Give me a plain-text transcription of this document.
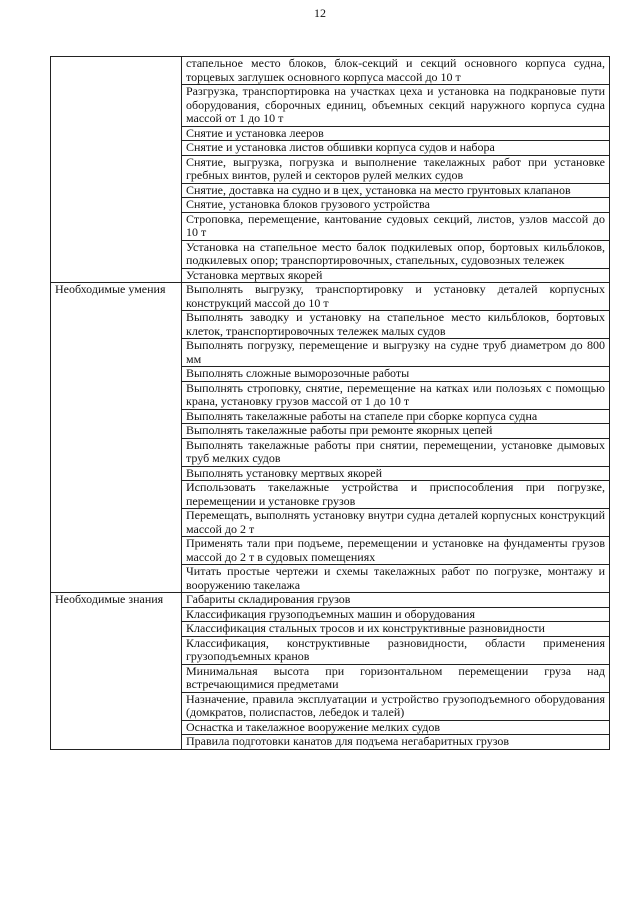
12
	стапельное место блоков, блок-секций и секций основного корпуса судна, торцевых заглушек основного корпуса массой до 10 т
	Разгрузка, транспортировка на участках цеха и установка на подкрановые пути оборудования, сборочных единиц, объемных секций наружного корпуса судна массой от 1 до 10 т
	Снятие и установка лееров
	Снятие и установка листов обшивки корпуса судов и набора
	Снятие, выгрузка, погрузка и выполнение такелажных работ при установке гребных винтов, рулей и секторов рулей мелких судов
	Снятие, доставка на судно и в цех, установка на место грунтовых клапанов
	Снятие, установка блоков грузового устройства
	Строповка, перемещение, кантование судовых секций, листов, узлов массой до 10 т
	Установка на стапельное место балок подкилевых опор, бортовых кильблоков, подкилевых опор; транспортировочных, стапельных, судовозных тележек
	Установка мертвых якорей
Необходимые умения	Выполнять выгрузку, транспортировку и установку деталей корпусных конструкций массой до 10 т
	Выполнять заводку и установку на стапельное место кильблоков, бортовых клеток, транспортировочных тележек малых судов
	Выполнять погрузку, перемещение и выгрузку на судне труб диаметром до 800 мм
	Выполнять сложные выморозочные работы
	Выполнять строповку, снятие, перемещение на катках или полозьях с помощью крана, установку грузов массой от 1 до 10 т
	Выполнять такелажные работы на стапеле при сборке корпуса судна
	Выполнять такелажные работы при ремонте якорных цепей
	Выполнять такелажные работы при снятии, перемещении, установке дымовых труб мелких судов
	Выполнять установку мертвых якорей
	Использовать такелажные устройства и приспособления при погрузке, перемещении и установке грузов
	Перемещать, выполнять установку внутри судна деталей корпусных конструкций массой до 2 т
	Применять тали при подъеме, перемещении и установке на фундаменты грузов массой до 2 т в судовых помещениях
	Читать простые чертежи и схемы такелажных работ по погрузке, монтажу и вооружению такелажа
Необходимые знания	Габариты складирования грузов
	Классификация грузоподъемных машин и оборудования
	Классификация стальных тросов и их конструктивные разновидности
	Классификация, конструктивные разновидности, области применения грузоподъемных кранов
	Минимальная высота при горизонтальном перемещении груза над встречающимися предметами
	Назначение, правила эксплуатации и устройство грузоподъемного оборудования (домкратов, полиспастов, лебедок и талей)
	Оснастка и такелажное вооружение мелких судов
	Правила подготовки канатов для подъема негабаритных грузов
